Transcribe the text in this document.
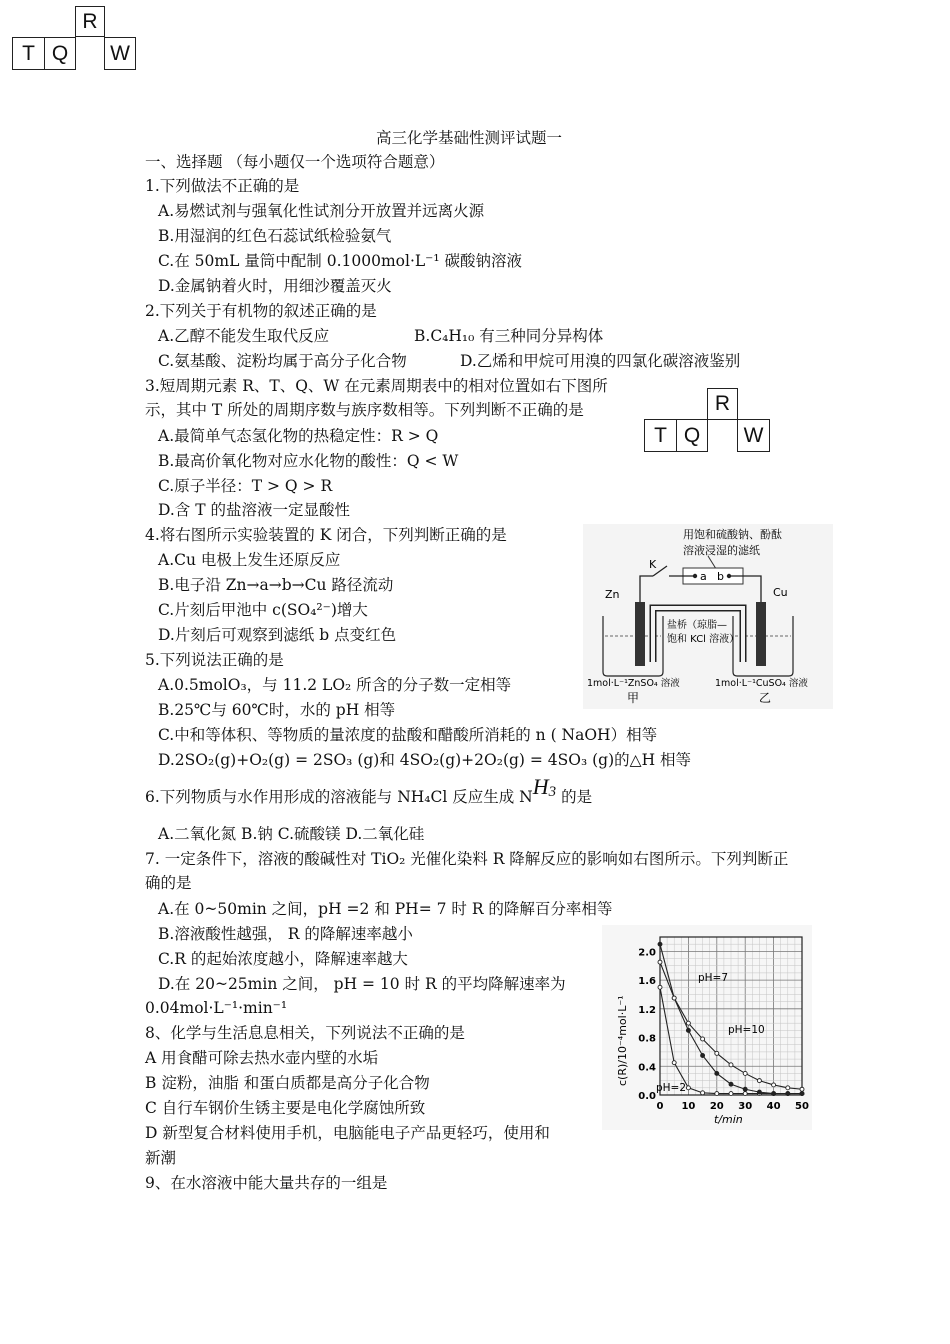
R
T Q	W
高三化学基础性测评试题一
一、选择题 （每小题仅一个选项符合题意）
1.下列做法不正确的是
A.易燃试剂与强氧化性试剂分开放置并远离火源
B.用湿润的红色石蕊试纸检验氨气
C.在 50mL 量筒中配制 0.1000mol·L⁻¹ 碳酸钠溶液
D.金属钠着火时，用细沙覆盖灭火
2.下列关于有机物的叙述正确的是
A.乙醇不能发生取代反应	B.C₄H₁₀ 有三种同分异构体
C.氨基酸、淀粉均属于高分子化合物	D.乙烯和甲烷可用溴的四氯化碳溶液鉴别
3.短周期元素 R、T、Q、W 在元素周期表中的相对位置如右下图所
示，其中 T 所处的周期序数与族序数相等。下列判断不正确的是
A.最简单气态氢化物的热稳定性：R > Q
B.最高价氧化物对应水化物的酸性：Q < W
C.原子半径：T > Q > R
D.含 T 的盐溶液一定显酸性
R
T Q	W
4.将右图所示实验装置的 K 闭合，下列判断正确的是
A.Cu 电极上发生还原反应
B.电子沿 Zn→a→b→Cu 路径流动
C.片刻后甲池中 c(SO₄²⁻)增大
D.片刻后可观察到滤纸 b 点变红色
用饱和硫酸钠、酚酞
溶液浸湿的滤纸
a b
K
Zn	Cu
盐桥（琼脂—
饱和 KCl 溶液）
1mol·L⁻¹ZnSO₄ 溶液	1mol·L⁻¹CuSO₄ 溶液
甲	乙
5.下列说法正确的是
A.0.5molO₃，与 11.2 LO₂ 所含的分子数一定相等
B.25℃与 60℃时，水的 pH 相等
C.中和等体积、等物质的量浓度的盐酸和醋酸所消耗的 n ( NaOH）相等
D.2SO₂(g)+O₂(g) = 2SO₃ (g)和 4SO₂(g)+2O₂(g) = 4SO₃ (g)的△H 相等
6.下列物质与水作用形成的溶液能与 NH₄Cl 反应生成 NH3 的是
A.二氧化氮 B.钠 C.硫酸镁 D.二氧化硅
7. 一定条件下，溶液的酸碱性对 TiO₂ 光催化染料 R 降解反应的影响如右图所示。下列判断正
确的是
A.在 0~50min 之间，pH =2 和 PH= 7 时 R 的降解百分率相等
B.溶液酸性越强， R 的降解速率越小
C.R 的起始浓度越小，降解速率越大
D.在 20~25min 之间， pH = 10 时 R 的平均降解速率为
0.04mol·L⁻¹·min⁻¹
0.0
0.4
0.8
1.2
1.6
2.0
0 10 20 30 40 50
pH=2
pH=7
pH=10
t/min
c(R)/10⁻⁴mol·L⁻¹
8、化学与生活息息相关，下列说法不正确的是
A 用食醋可除去热水壶内壁的水垢
B 淀粉，油脂 和蛋白质都是高分子化合物
C 自行车钢价生锈主要是电化学腐蚀所致
D 新型复合材料使用手机，电脑能电子产品更轻巧，使用和
新潮
9、在水溶液中能大量共存的一组是
